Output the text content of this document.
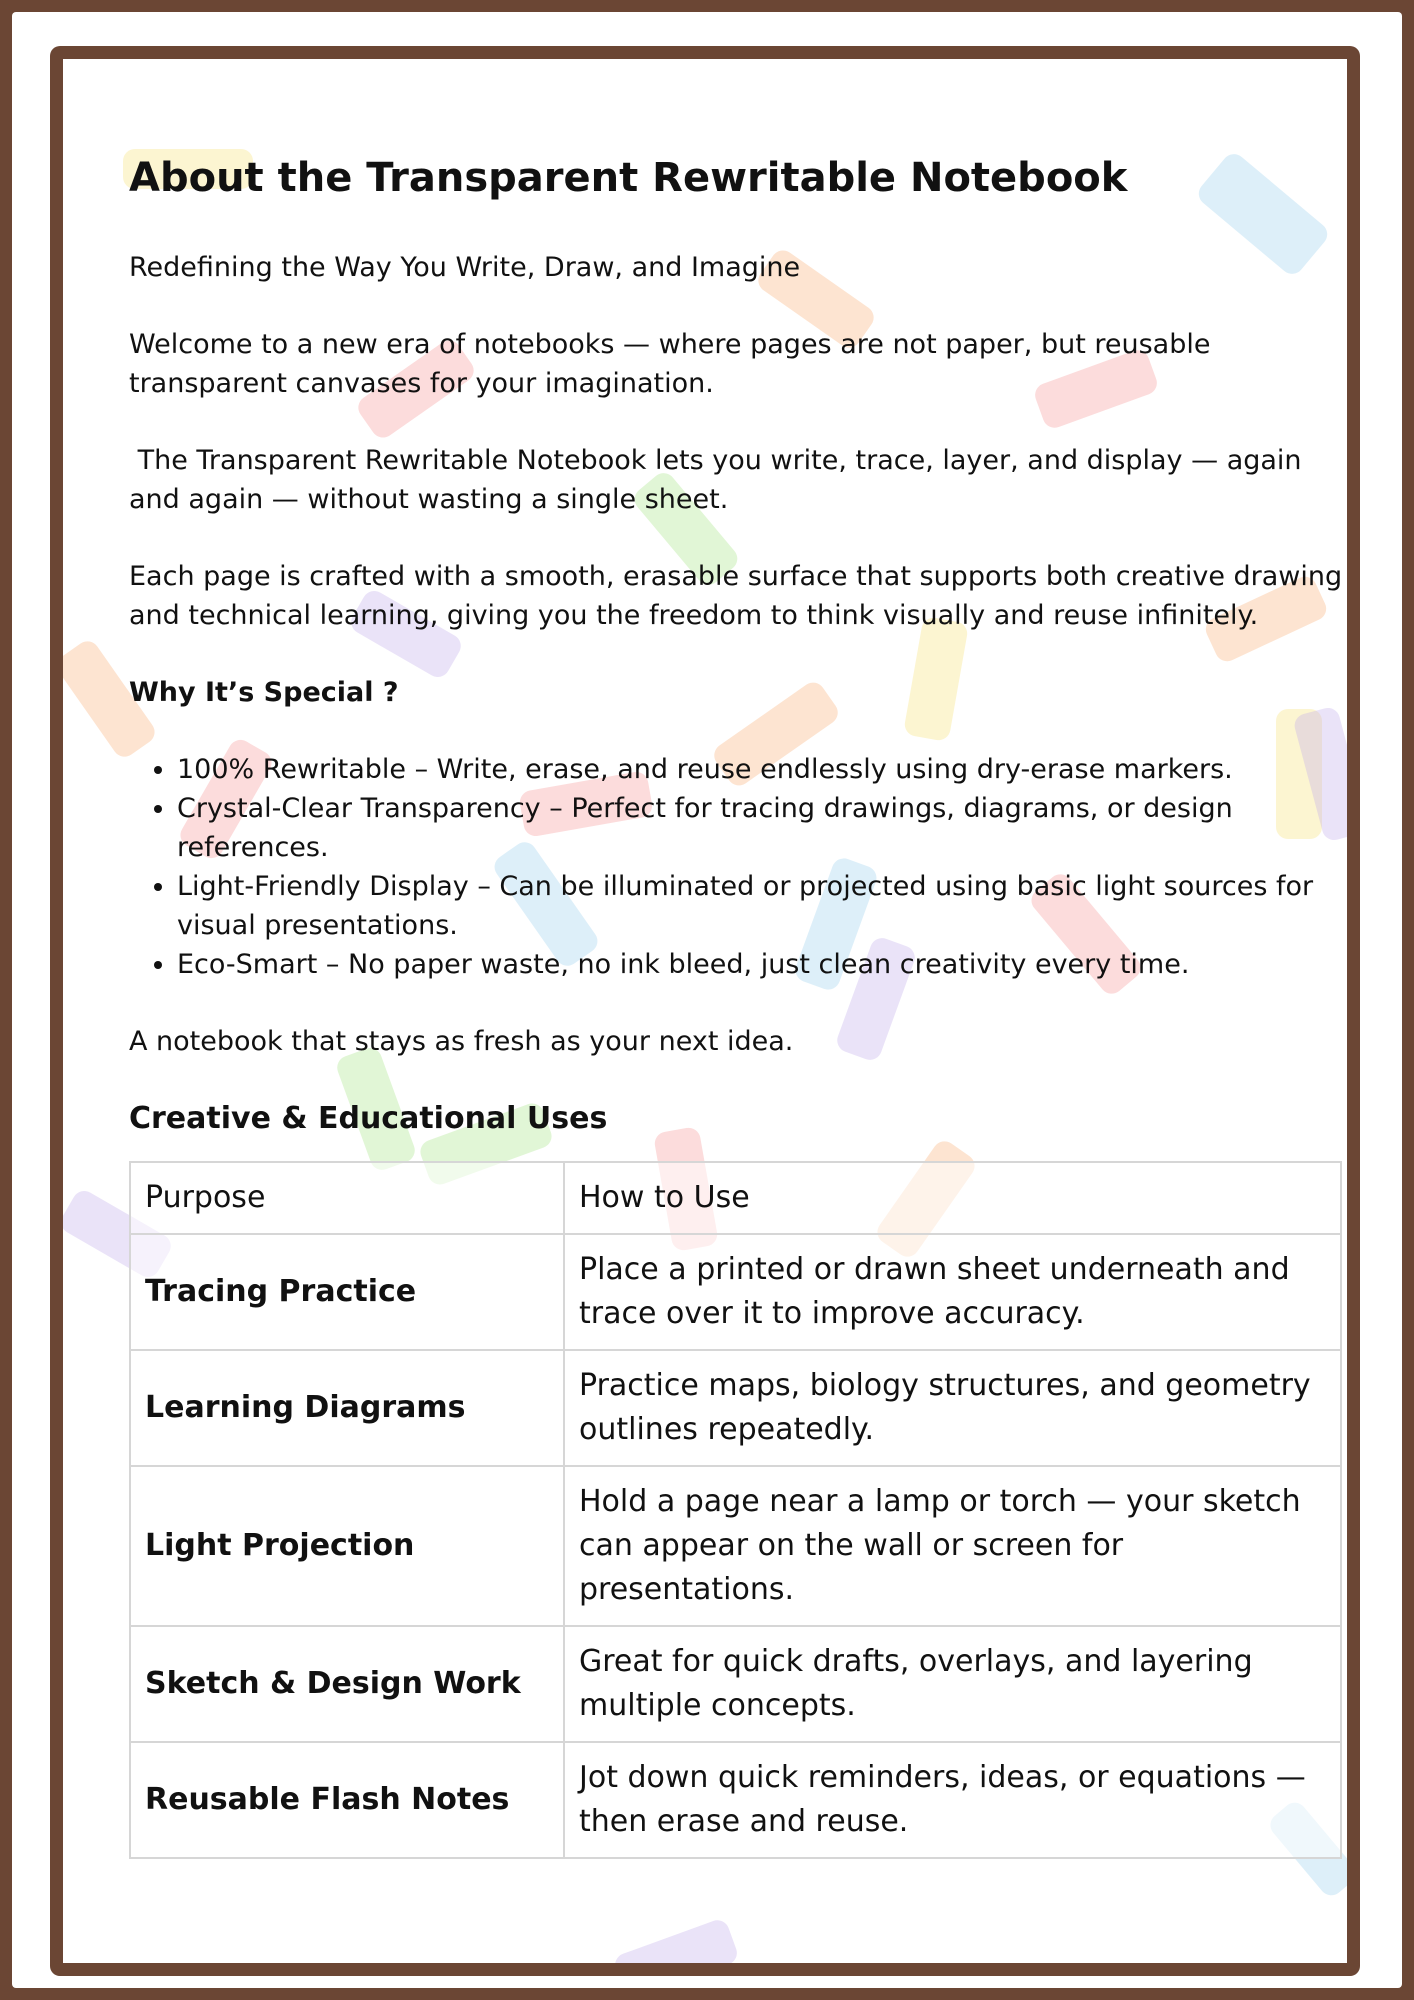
About the Transparent Rewritable Notebook

Redefining the Way You Write, Draw, and Imagine

Welcome to a new era of notebooks — where pages are not paper, but reusable transparent canvases for your imagination.

The Transparent Rewritable Notebook lets you write, trace, layer, and display — again and again — without wasting a single sheet.

Each page is crafted with a smooth, erasable surface that supports both creative drawing and technical learning, giving you the freedom to think visually and reuse infinitely.

Why It’s Special ?
• 100% Rewritable – Write, erase, and reuse endlessly using dry-erase markers.
• Crystal-Clear Transparency – Perfect for tracing drawings, diagrams, or design references.
• Light-Friendly Display – Can be illuminated or projected using basic light sources for visual presentations.
• Eco-Smart – No paper waste, no ink bleed, just clean creativity every time.

A notebook that stays as fresh as your next idea.

Creative & Educational Uses
Purpose	How to Use
Tracing Practice	Place a printed or drawn sheet underneath and trace over it to improve accuracy.
Learning Diagrams	Practice maps, biology structures, and geometry outlines repeatedly.
Light Projection	Hold a page near a lamp or torch — your sketch can appear on the wall or screen for presentations.
Sketch & Design Work	Great for quick drafts, overlays, and layering multiple concepts.
Reusable Flash Notes	Jot down quick reminders, ideas, or equations — then erase and reuse.
